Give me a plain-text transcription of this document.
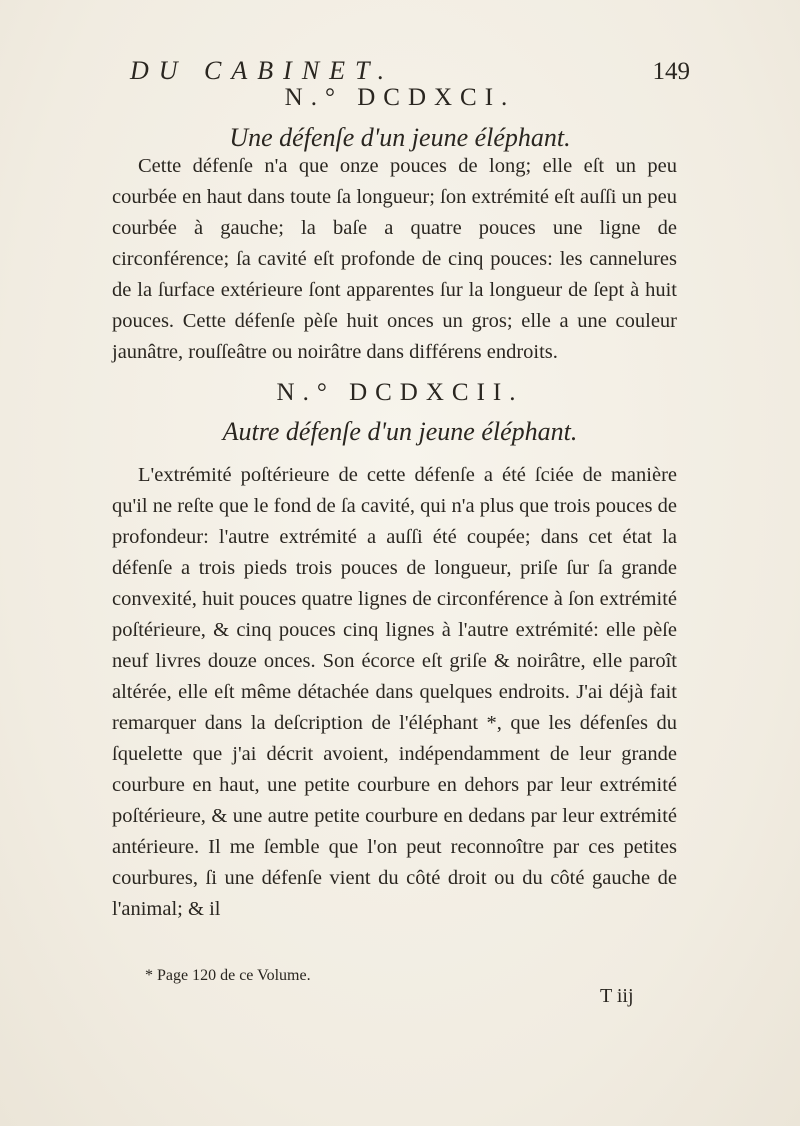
DU CABINET.	149
N.° DCDXCI.
Une défenſe d'un jeune éléphant.

Cette défenſe n'a que onze pouces de long; elle eſt un peu courbée en haut dans toute ſa longueur; ſon extrémité eſt auſſi un peu courbée à gauche; la baſe a quatre pouces une ligne de circonférence; ſa cavité eſt profonde de cinq pouces: les cannelures de la ſurface extérieure ſont apparentes ſur la longueur de ſept à huit pouces. Cette défenſe pèſe huit onces un gros; elle a une couleur jaunâtre, rouſſeâtre ou noirâtre dans différens endroits.

N.° DCDXCII.
Autre défenſe d'un jeune éléphant.

L'extrémité poſtérieure de cette défenſe a été ſciée de manière qu'il ne reſte que le fond de ſa cavité, qui n'a plus que trois pouces de profondeur: l'autre extrémité a auſſi été coupée; dans cet état la défenſe a trois pieds trois pouces de longueur, priſe ſur ſa grande convexité, huit pouces quatre lignes de circonférence à ſon extrémité poſtérieure, & cinq pouces cinq lignes à l'autre extrémité: elle pèſe neuf livres douze onces. Son écorce eſt griſe & noirâtre, elle paroît altérée, elle eſt même détachée dans quelques endroits. J'ai déjà fait remarquer dans la deſcription de l'éléphant *, que les défenſes du ſquelette que j'ai décrit avoient, indépendamment de leur grande courbure en haut, une petite courbure en dehors par leur extrémité poſtérieure, & une autre petite courbure en dedans par leur extrémité antérieure. Il me ſemble que l'on peut reconnoître par ces petites courbures, ſi une défenſe vient du côté droit ou du côté gauche de l'animal; & il

* Page 120 de ce Volume.
T iij
